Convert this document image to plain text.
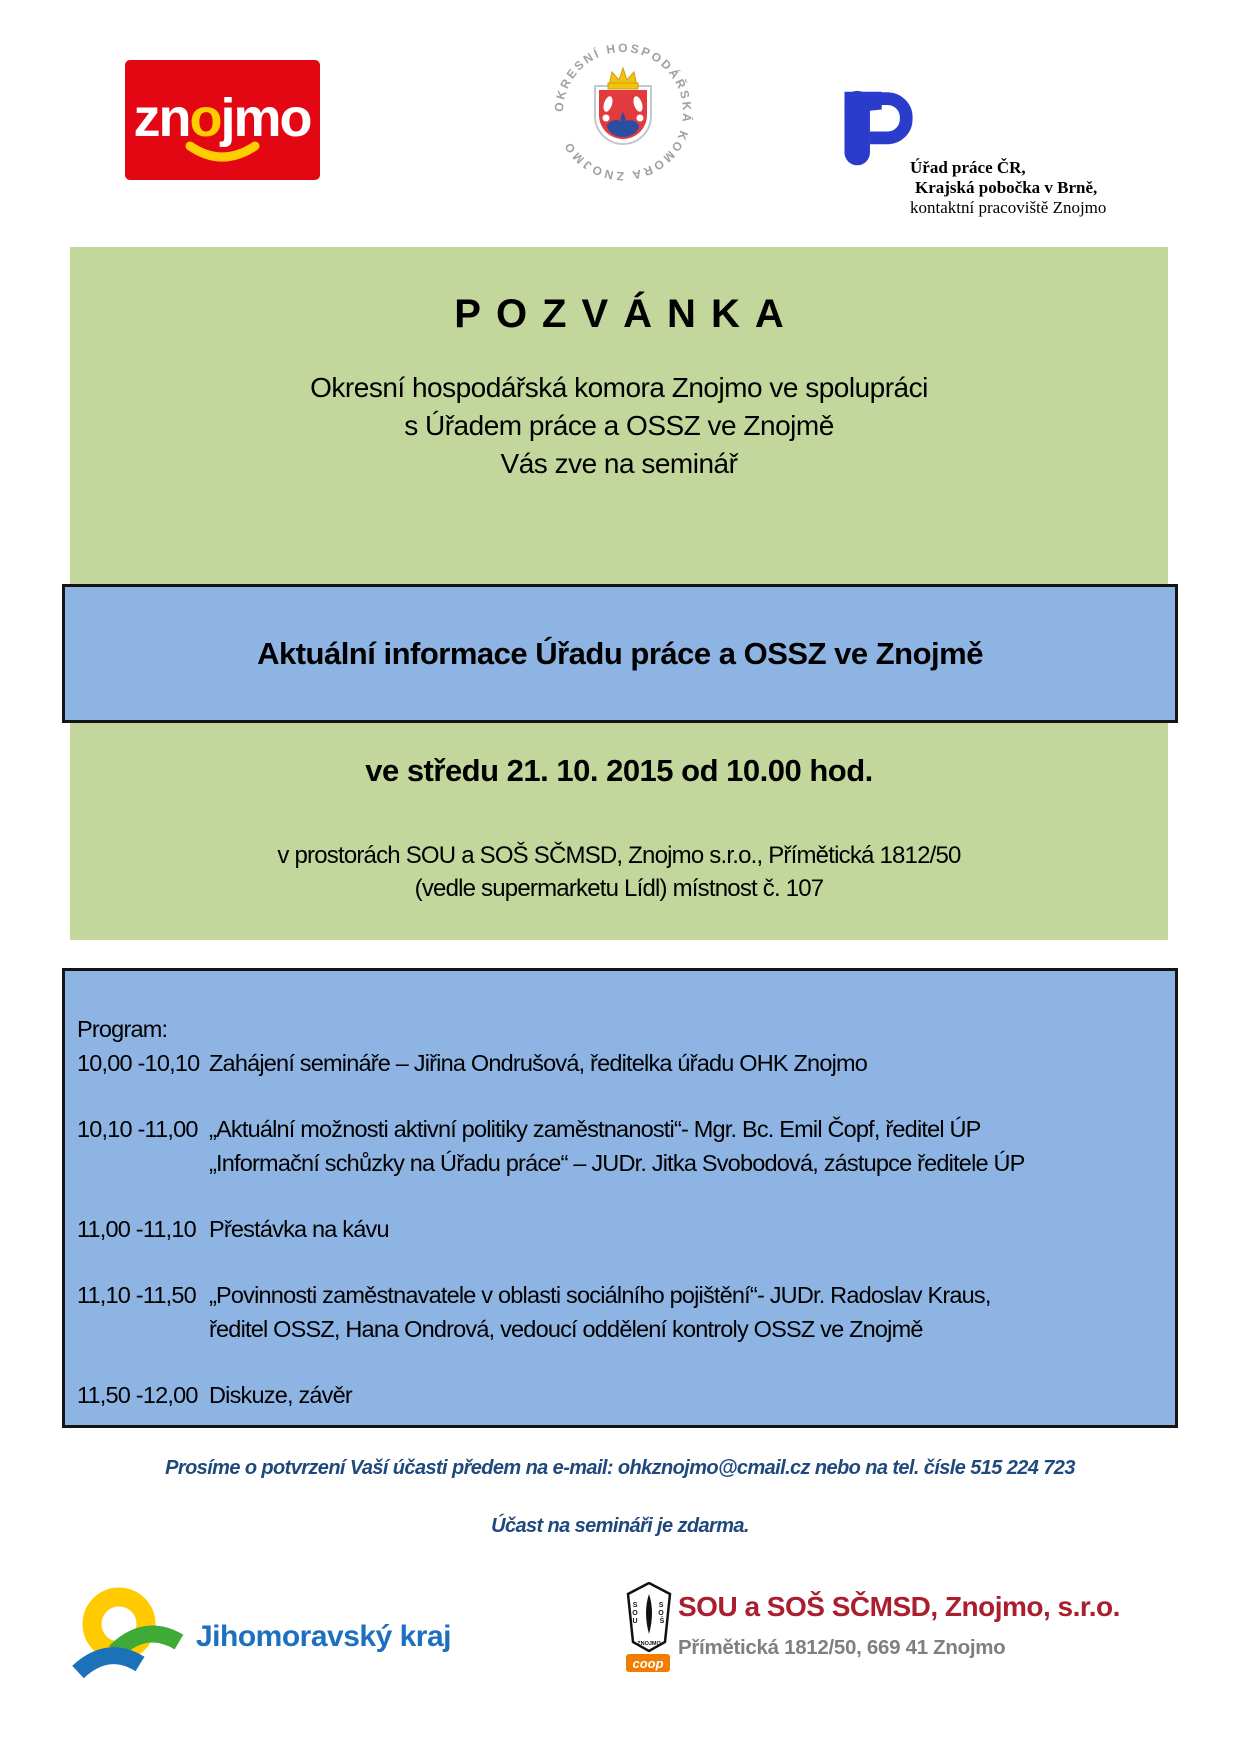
znojmo	OKRESNÍ HOSPODÁŘSKÁ KOMORA ZNOJMO
Úřad práce ČR,
Krajská pobočka v Brně,
kontaktní pracoviště Znojmo
POZVÁNKA
Okresní hospodářská komora Znojmo ve spolupráci
s Úřadem práce a OSSZ ve Znojmě
Vás zve na seminář
ve středu 21. 10. 2015 od 10.00 hod.
v prostorách SOU a SOŠ SČMSD, Znojmo s.r.o., Přímětická 1812/50
(vedle supermarketu Lídl) místnost č. 107
Aktuální informace Úřadu práce a OSSZ ve Znojmě
Program:
10,00 -10,10 Zahájení semináře – Jiřina Ondrušová, ředitelka úřadu OHK Znojmo
10,10 -11,00 „Aktuální možnosti aktivní politiky zaměstnanosti“- Mgr. Bc. Emil Čopf, ředitel ÚP
„Informační schůzky na Úřadu práce“ – JUDr. Jitka Svobodová, zástupce ředitele ÚP
11,00 -11,10 Přestávka na kávu
11,10 -11,50 „Povinnosti zaměstnavatele v oblasti sociálního pojištění“- JUDr. Radoslav Kraus,
ředitel OSSZ, Hana Ondrová, vedoucí oddělení kontroly OSSZ ve Znojmě
11,50 -12,00 Diskuze, závěr
Prosíme o potvrzení Vaší účasti předem na e-mail: ohkznojmo@cmail.cz nebo na tel. čísle 515 224 723
Účast na semináři je zdarma.
Jihomoravský kraj
S O U S O Š
ZNOJMO
coop
SOU a SOŠ SČMSD, Znojmo, s.r.o.
Přímětická 1812/50, 669 41 Znojmo
